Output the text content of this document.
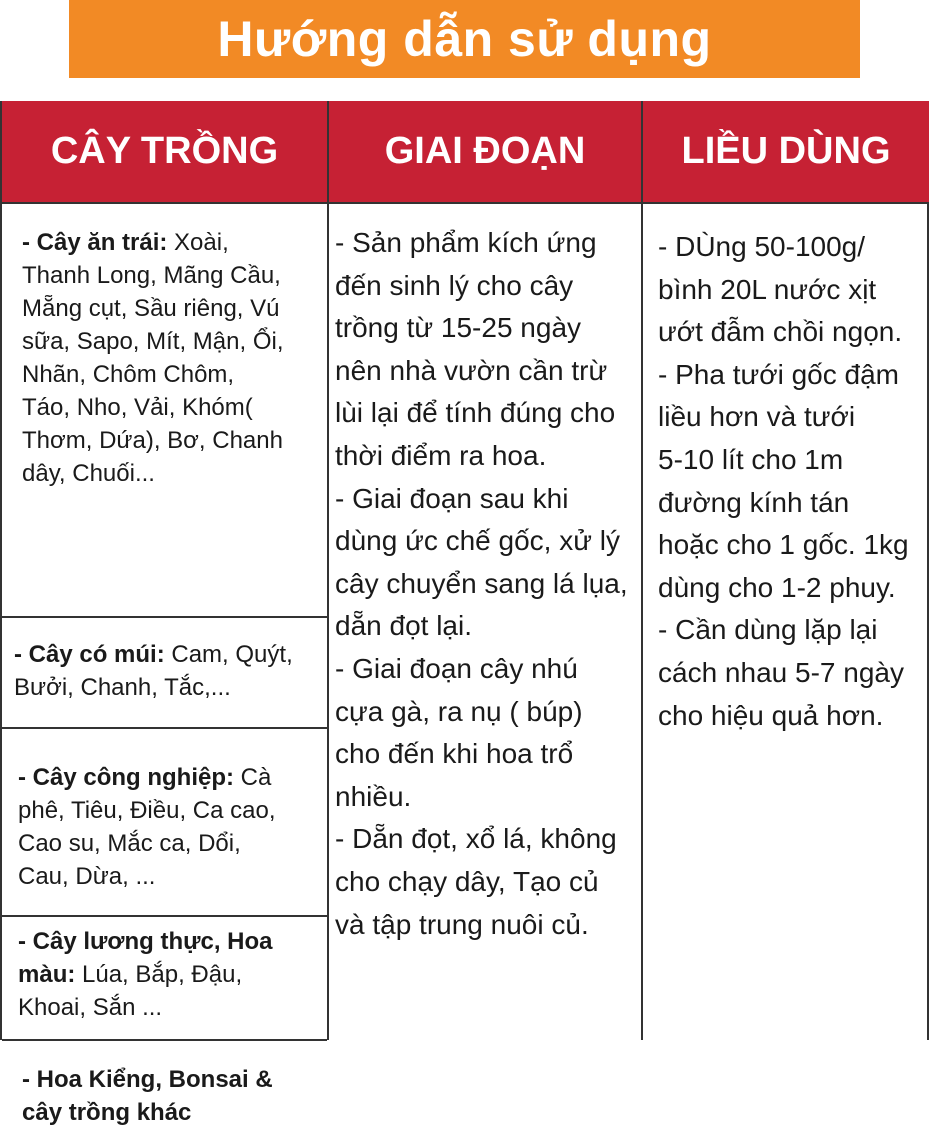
Hướng dẫn sử dụng
CÂY TRỒNG	GIAI ĐOẠN	LIỀU DÙNG
- Cây ăn trái: Xoài,
Thanh Long, Mãng Cầu,
Mẵng cụt, Sầu riêng, Vú
sữa, Sapo, Mít, Mận, Ổi,
Nhãn, Chôm Chôm,
Táo, Nho, Vải, Khóm(
Thơm, Dứa), Bơ, Chanh
dây, Chuối...
- Cây có múi: Cam, Quýt,
Bưởi, Chanh, Tắc,...
- Cây công nghiệp: Cà
phê, Tiêu, Điều, Ca cao,
Cao su, Mắc ca, Dổi,
Cau, Dừa, ...
- Cây lương thực, Hoa
màu: Lúa, Bắp, Đậu,
Khoai, Sắn ...
- Hoa Kiểng, Bonsai &
cây trồng khác
- Sản phẩm kích ứng
đến sinh lý cho cây
trồng từ 15-25 ngày
nên nhà vườn cần trừ
lùi lại để tính đúng cho
thời điểm ra hoa.
- Giai đoạn sau khi
dùng ức chế gốc, xử lý
cây chuyển sang lá lụa,
dẵn đọt lại.
- Giai đoạn cây nhú
cựa gà, ra nụ ( búp)
cho đến khi hoa trổ
nhiều.
- Dẵn đọt, xổ lá, không
cho chạy dây, Tạo củ
và tập trung nuôi củ.
- DÙng 50-100g/
bình 20L nước xịt
ướt đẫm chồi ngọn.
- Pha tưới gốc đậm
liều hơn và tưới
5-10 lít cho 1m
đường kính tán
hoặc cho 1 gốc. 1kg
dùng cho 1-2 phuy.
- Cần dùng lặp lại
cách nhau 5-7 ngày
cho hiệu quả hơn.
